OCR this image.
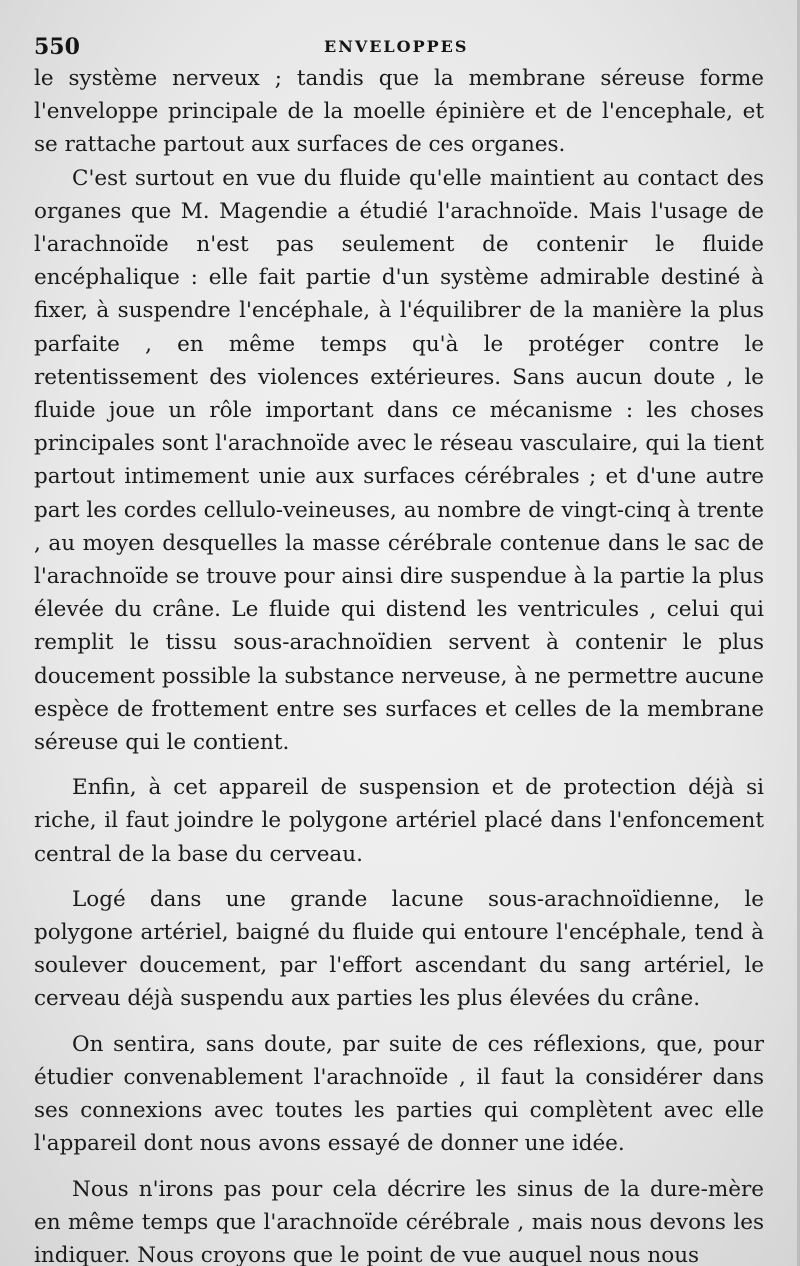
550	ENVELOPPES

le système nerveux ; tandis que la membrane séreuse forme l'enveloppe principale de la moelle épinière et de l'encephale, et se rattache partout aux surfaces de ces organes.

C'est surtout en vue du fluide qu'elle maintient au contact des organes que M. Magendie a étudié l'arachnoïde. Mais l'usage de l'arachnoïde n'est pas seulement de contenir le fluide encéphalique : elle fait partie d'un système admirable destiné à fixer, à suspendre l'encéphale, à l'équilibrer de la manière la plus parfaite , en même temps qu'à le protéger contre le retentissement des violences extérieures. Sans aucun doute , le fluide joue un rôle important dans ce mécanisme : les choses principales sont l'arachnoïde avec le réseau vasculaire, qui la tient partout intimement unie aux surfaces cérébrales ; et d'une autre part les cordes cellulo-veineuses, au nombre de vingt-cinq à trente , au moyen desquelles la masse cérébrale contenue dans le sac de l'arachnoïde se trouve pour ainsi dire suspendue à la partie la plus élevée du crâne. Le fluide qui distend les ventricules , celui qui remplit le tissu sous-arachnoïdien servent à contenir le plus doucement possible la substance nerveuse, à ne permettre aucune espèce de frottement entre ses surfaces et celles de la membrane séreuse qui le contient.

Enfin, à cet appareil de suspension et de protection déjà si riche, il faut joindre le polygone artériel placé dans l'enfoncement central de la base du cerveau.

Logé dans une grande lacune sous-arachnoïdienne, le polygone artériel, baigné du fluide qui entoure l'encéphale, tend à soulever doucement, par l'effort ascendant du sang artériel, le cerveau déjà suspendu aux parties les plus élevées du crâne.

On sentira, sans doute, par suite de ces réflexions, que, pour étudier convenablement l'arachnoïde , il faut la considérer dans ses connexions avec toutes les parties qui complètent avec elle l'appareil dont nous avons essayé de donner une idée.

Nous n'irons pas pour cela décrire les sinus de la dure-mère en même temps que l'arachnoïde cérébrale , mais nous devons les indiquer. Nous croyons que le point de vue auquel nous nous
